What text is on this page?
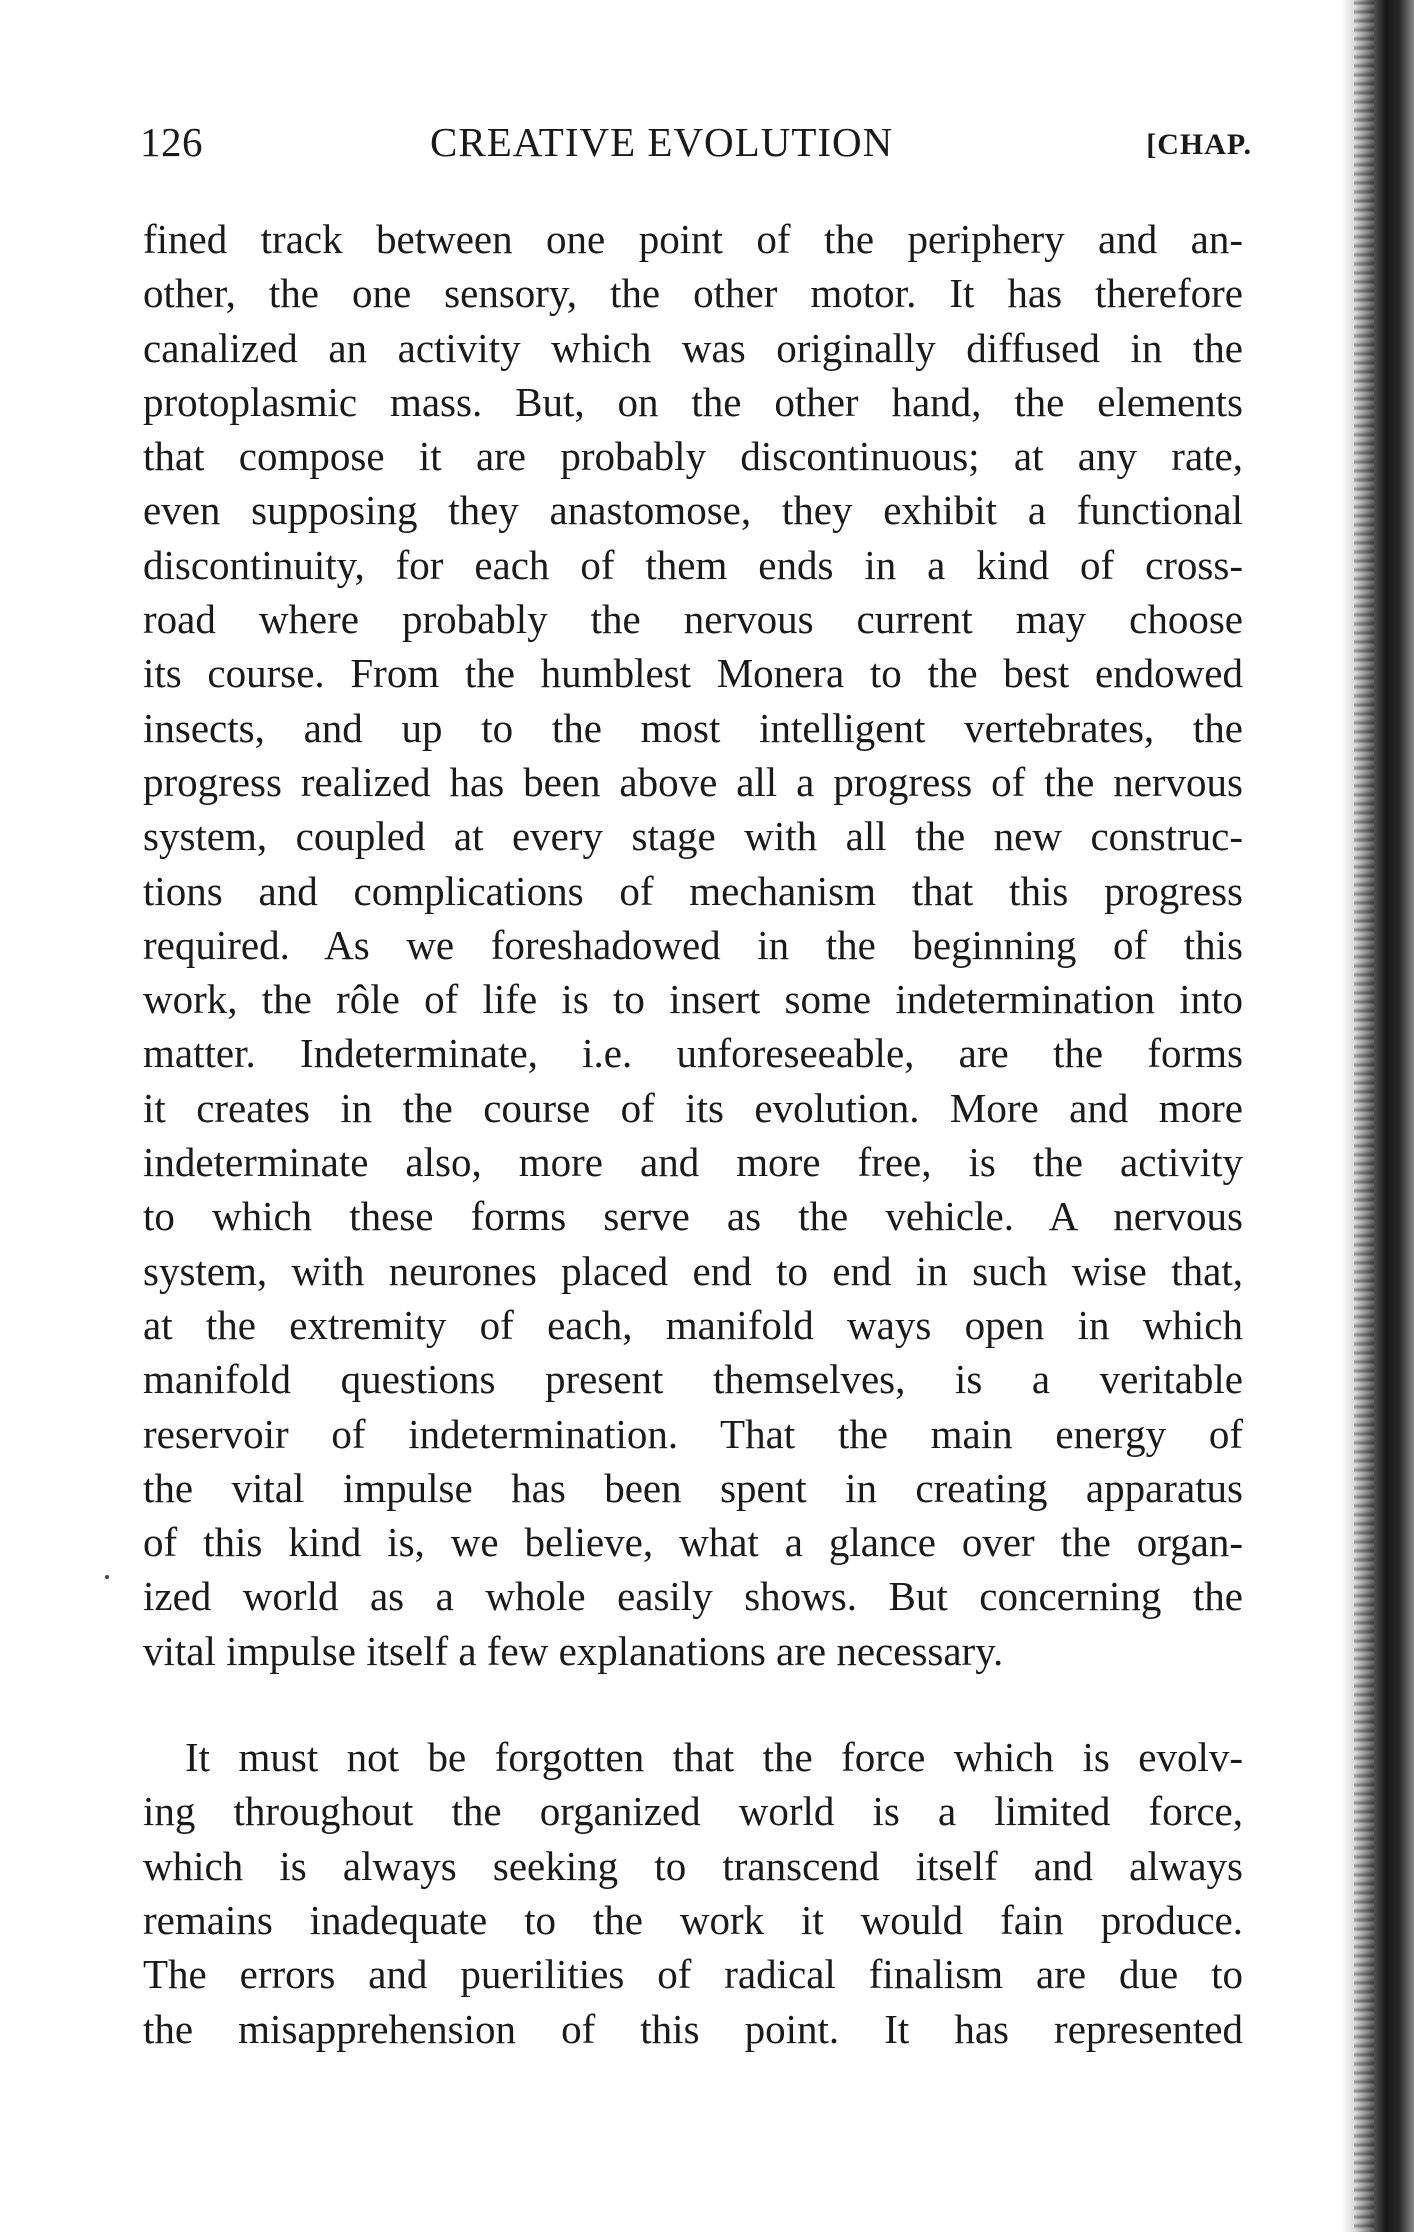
126	CREATIVE EVOLUTION	[CHAP.
fined track between one point of the periphery and an-
other, the one sensory, the other motor. It has therefore
canalized an activity which was originally diffused in the
protoplasmic mass. But, on the other hand, the elements
that compose it are probably discontinuous; at any rate,
even supposing they anastomose, they exhibit a functional
discontinuity, for each of them ends in a kind of cross-
road where probably the nervous current may choose
its course. From the humblest Monera to the best endowed
insects, and up to the most intelligent vertebrates, the
progress realized has been above all a progress of the nervous
system, coupled at every stage with all the new construc-
tions and complications of mechanism that this progress
required. As we foreshadowed in the beginning of this
work, the rôle of life is to insert some indetermination into
matter. Indeterminate, i.e. unforeseeable, are the forms
it creates in the course of its evolution. More and more
indeterminate also, more and more free, is the activity
to which these forms serve as the vehicle. A nervous
system, with neurones placed end to end in such wise that,
at the extremity of each, manifold ways open in which
manifold questions present themselves, is a veritable
reservoir of indetermination. That the main energy of
the vital impulse has been spent in creating apparatus
of this kind is, we believe, what a glance over the organ-
ized world as a whole easily shows. But concerning the
vital impulse itself a few explanations are necessary.
It must not be forgotten that the force which is evolv-
ing throughout the organized world is a limited force,
which is always seeking to transcend itself and always
remains inadequate to the work it would fain produce.
The errors and puerilities of radical finalism are due to
the misapprehension of this point. It has represented
